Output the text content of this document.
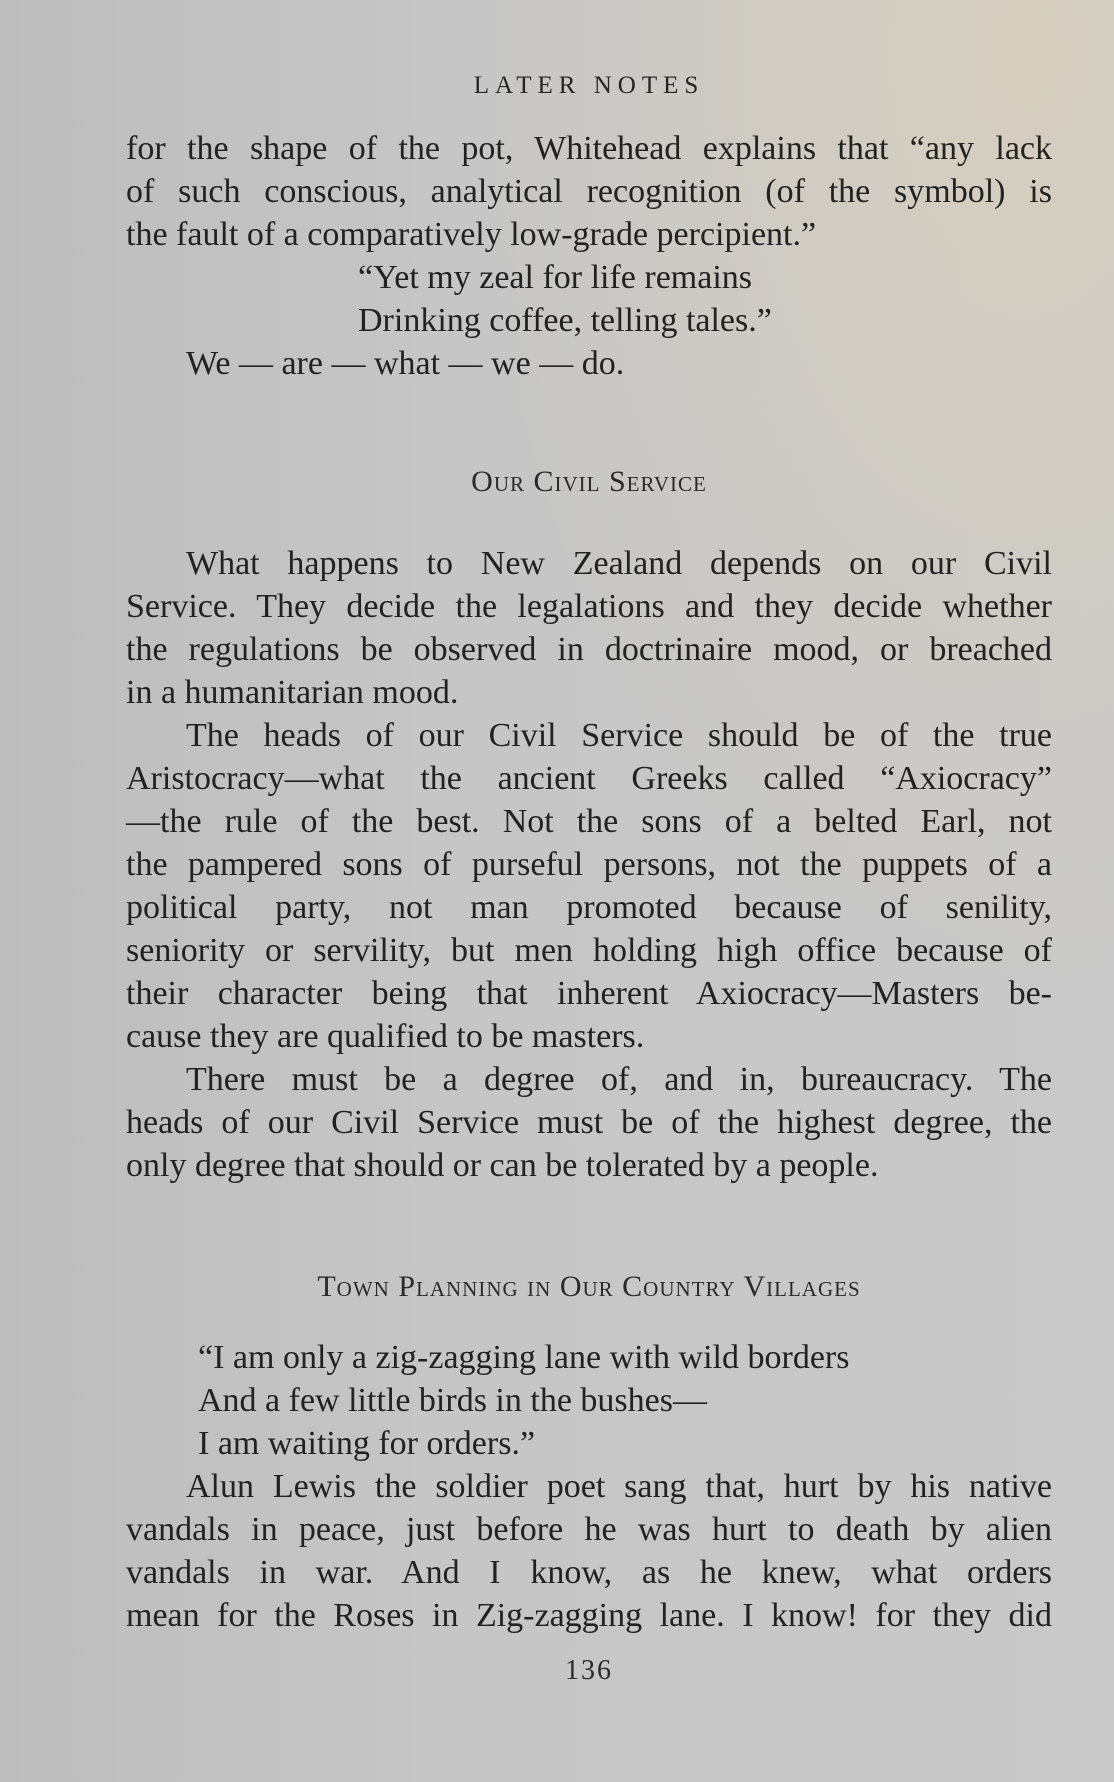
LATER NOTES
for the shape of the pot, Whitehead explains that “any lack
of such conscious, analytical recognition (of the symbol) is
the fault of a comparatively low-grade percipient.”
“Yet my zeal for life remains
Drinking coffee, telling tales.”
We — are — what — we — do.
Our Civil Service
What happens to New Zealand depends on our Civil
Service. They decide the legalations and they decide whether
the regulations be observed in doctrinaire mood, or breached
in a humanitarian mood.
The heads of our Civil Service should be of the true
Aristocracy—what the ancient Greeks called “Axiocracy”
—the rule of the best. Not the sons of a belted Earl, not
the pampered sons of purseful persons, not the puppets of a
political party, not man promoted because of senility,
seniority or servility, but men holding high office because of
their character being that inherent Axiocracy—Masters be-
cause they are qualified to be masters.
There must be a degree of, and in, bureaucracy. The
heads of our Civil Service must be of the highest degree, the
only degree that should or can be tolerated by a people.
Town Planning in Our Country Villages
“I am only a zig-zagging lane with wild borders
And a few little birds in the bushes—
I am waiting for orders.”
Alun Lewis the soldier poet sang that, hurt by his native
vandals in peace, just before he was hurt to death by alien
vandals in war. And I know, as he knew, what orders
mean for the Roses in Zig-zagging lane. I know! for they did
136
